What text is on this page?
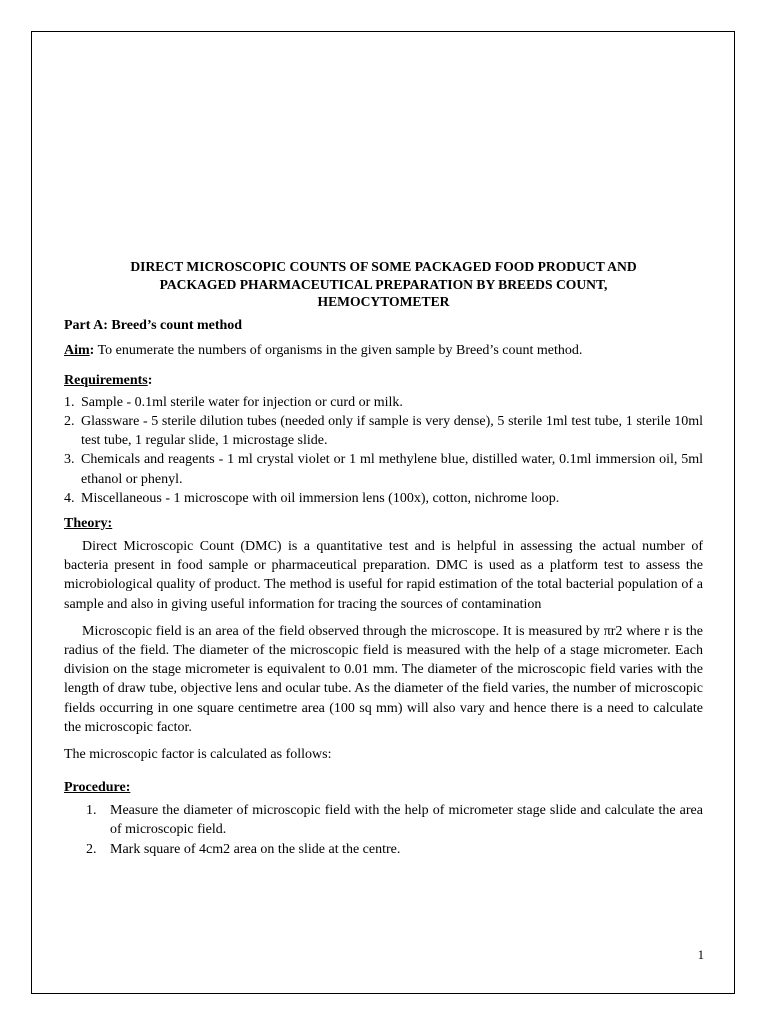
DIRECT MICROSCOPIC COUNTS OF SOME PACKAGED FOOD PRODUCT AND
PACKAGED PHARMACEUTICAL PREPARATION BY BREEDS COUNT,
HEMOCYTOMETER
Part A: Breed’s count method

Aim: To enumerate the numbers of organisms in the given sample by Breed’s count method.

Requirements:
1. Sample - 0.1ml sterile water for injection or curd or milk.
2. Glassware - 5 sterile dilution tubes (needed only if sample is very dense), 5 sterile 1ml test tube, 1 sterile 10ml test tube, 1 regular slide, 1 microstage slide.
3. Chemicals and reagents - 1 ml crystal violet or 1 ml methylene blue, distilled water, 0.1ml immersion oil, 5ml ethanol or phenyl.
4. Miscellaneous - 1 microscope with oil immersion lens (100x), cotton, nichrome loop.
Theory:

Direct Microscopic Count (DMC) is a quantitative test and is helpful in assessing the actual number of bacteria present in food sample or pharmaceutical preparation. DMC is used as a platform test to assess the microbiological quality of product. The method is useful for rapid estimation of the total bacterial population of a sample and also in giving useful information for tracing the sources of contamination

Microscopic field is an area of the field observed through the microscope. It is measured by πr2 where r is the radius of the field. The diameter of the microscopic field is measured with the help of a stage micrometer. Each division on the stage micrometer is equivalent to 0.01 mm. The diameter of the microscopic field varies with the length of draw tube, objective lens and ocular tube. As the diameter of the field varies, the number of microscopic fields occurring in one square centimetre area (100 sq mm) will also vary and hence there is a need to calculate the microscopic factor.

The microscopic factor is calculated as follows:

Procedure:
1. Measure the diameter of microscopic field with the help of micrometer stage slide and calculate the area of microscopic field.
2. Mark square of 4cm2 area on the slide at the centre.
1
